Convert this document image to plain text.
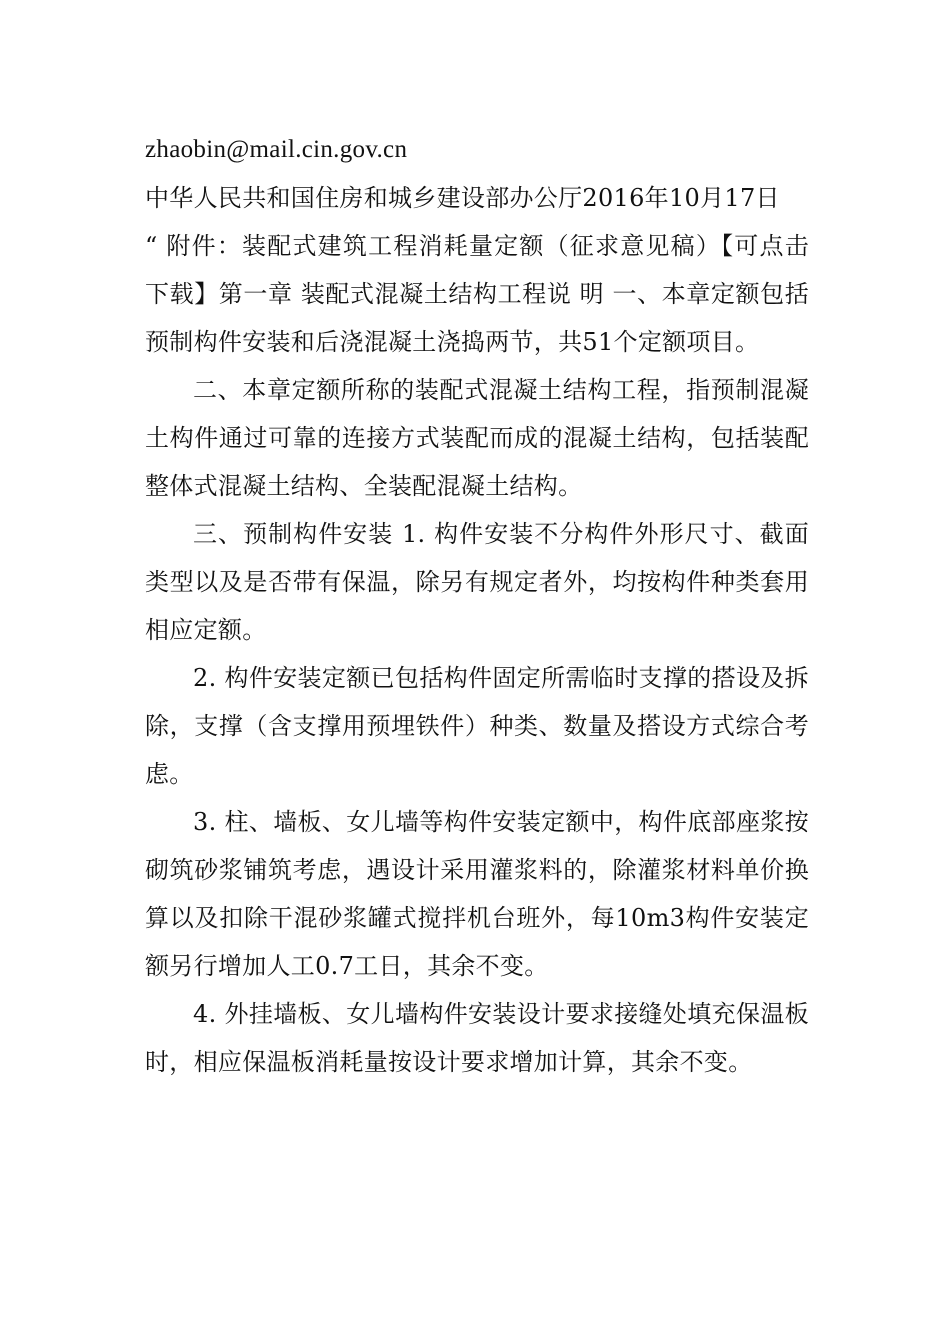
zhaobin@mail.cin.gov.cn

中华人民共和国住房和城乡建设部办公厅2016年10月17日

“ 附件：装配式建筑工程消耗量定额（征求意见稿）【可点击下载】第一章 装配式混凝土结构工程说 明 一、本章定额包括预制构件安装和后浇混凝土浇捣两节，共51个定额项目。

二、本章定额所称的装配式混凝土结构工程，指预制混凝土构件通过可靠的连接方式装配而成的混凝土结构，包括装配整体式混凝土结构、全装配混凝土结构。

三、预制构件安装 1. 构件安装不分构件外形尺寸、截面类型以及是否带有保温，除另有规定者外，均按构件种类套用相应定额。

2. 构件安装定额已包括构件固定所需临时支撑的搭设及拆除，支撑（含支撑用预埋铁件）种类、数量及搭设方式综合考虑。

3. 柱、墙板、女儿墙等构件安装定额中，构件底部座浆按砌筑砂浆铺筑考虑，遇设计采用灌浆料的，除灌浆材料单价换算以及扣除干混砂浆罐式搅拌机台班外，每10m3构件安装定额另行增加人工0.7工日，其余不变。

4. 外挂墙板、女儿墙构件安装设计要求接缝处填充保温板时，相应保温板消耗量按设计要求增加计算，其余不变。
